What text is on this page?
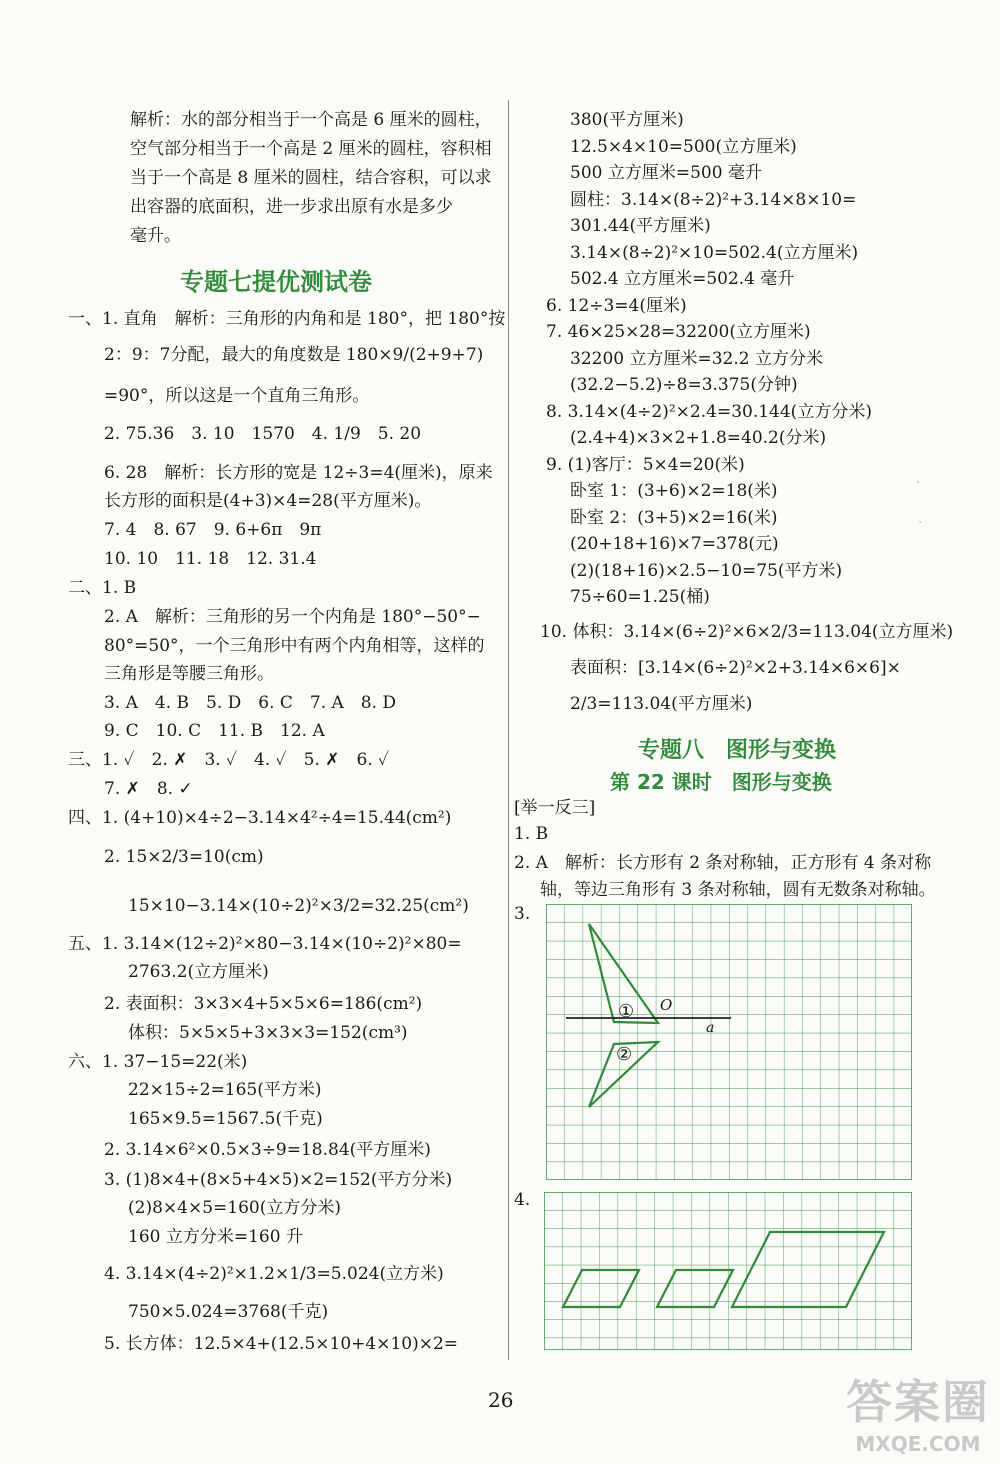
解析：水的部分相当于一个高是 6 厘米的圆柱，
空气部分相当于一个高是 2 厘米的圆柱，容积相
当于一个高是 8 厘米的圆柱，结合容积，可以求
出容器的底面积，进一步求出原有水是多少
毫升。
专题七提优测试卷
一、1. 直角　解析：三角形的内角和是 180°，把 180°按
2：9：7分配，最大的角度数是 180×9/(2+9+7)
=90°，所以这是一个直角三角形。
2. 75.36　3. 10　1570　4. 1/9　5. 20
6. 28　解析：长方形的宽是 12÷3=4(厘米)，原来
长方形的面积是(4+3)×4=28(平方厘米)。
7. 4　8. 67　9. 6+6π　9π
10. 10　11. 18　12. 31.4
二、1. B
2. A　解析：三角形的另一个内角是 180°−50°−
80°=50°，一个三角形中有两个内角相等，这样的
三角形是等腰三角形。
3. A　4. B　5. D　6. C　7. A　8. D
9. C　10. C　11. B　12. A
三、1. ✓　2. ✗　3. ✓　4. ✓　5. ✗　6. ✓
7. ✗　8. ✓
四、1. (4+10)×4÷2−3.14×4²÷4=15.44(cm²)
2. 15×2/3=10(cm)
15×10−3.14×(10÷2)²×3/2=32.25(cm²)
五、1. 3.14×(12÷2)²×80−3.14×(10÷2)²×80=
2763.2(立方厘米)
2. 表面积：3×3×4+5×5×6=186(cm²)
体积：5×5×5+3×3×3=152(cm³)
六、1. 37−15=22(米)
22×15÷2=165(平方米)
165×9.5=1567.5(千克)
2. 3.14×6²×0.5×3÷9=18.84(平方厘米)
3. (1)8×4+(8×5+4×5)×2=152(平方分米)
(2)8×4×5=160(立方分米)
160 立方分米=160 升
4. 3.14×(4÷2)²×1.2×1/3=5.024(立方米)
750×5.024=3768(千克)
5. 长方体：12.5×4+(12.5×10+4×10)×2=
380(平方厘米)
12.5×4×10=500(立方厘米)
500 立方厘米=500 毫升
圆柱：3.14×(8÷2)²+3.14×8×10=
301.44(平方厘米)
3.14×(8÷2)²×10=502.4(立方厘米)
502.4 立方厘米=502.4 毫升
6. 12÷3=4(厘米)
7. 46×25×28=32200(立方厘米)
32200 立方厘米=32.2 立方分米
(32.2−5.2)÷8=3.375(分钟)
8. 3.14×(4÷2)²×2.4=30.144(立方分米)
(2.4+4)×3×2+1.8=40.2(分米)
9. (1)客厅：5×4=20(米)
卧室 1：(3+6)×2=18(米)
卧室 2：(3+5)×2=16(米)
(20+18+16)×7=378(元)
(2)(18+16)×2.5−10=75(平方米)
75÷60=1.25(桶)
10. 体积：3.14×(6÷2)²×6×2/3=113.04(立方厘米)
表面积：[3.14×(6÷2)²×2+3.14×6×6]×
2/3=113.04(平方厘米)
专题八　图形与变换
第 22 课时　图形与变换
[举一反三]
1. B
2. A　解析：长方形有 2 条对称轴，正方形有 4 条对称
轴，等边三角形有 3 条对称轴，圆有无数条对称轴。
3.
4.
①
②
O
a
·
·
26	答案圈
MXQE.COM
